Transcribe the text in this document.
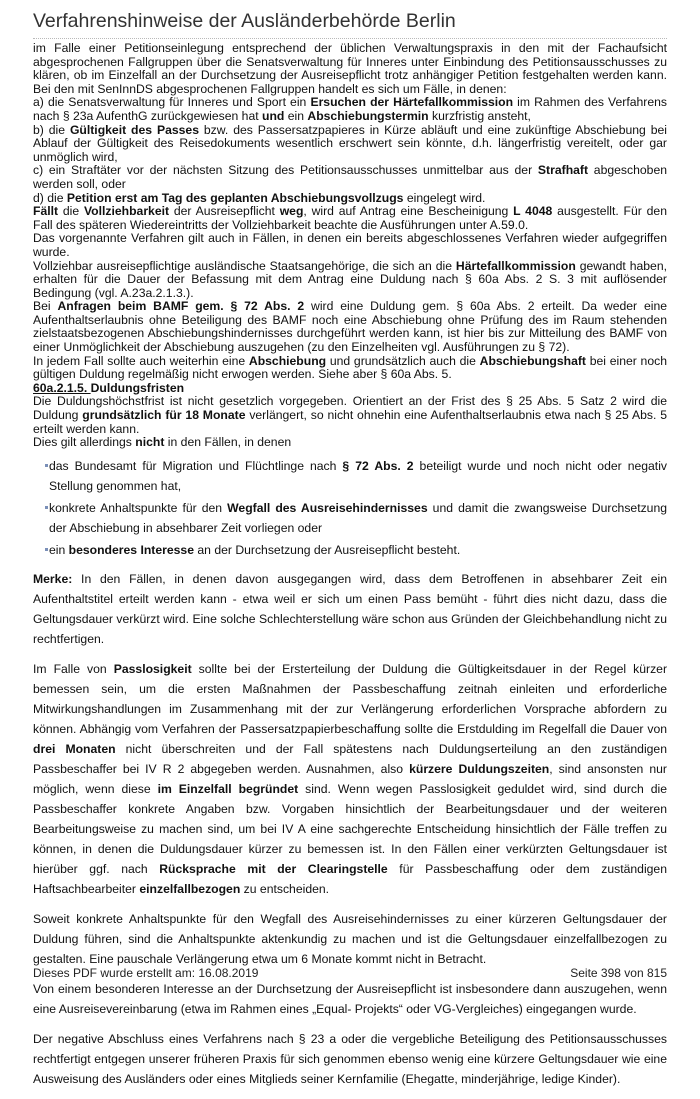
Verfahrenshinweise der Ausländerbehörde Berlin

im Falle einer Petitionseinlegung entsprechend der üblichen Verwaltungspraxis in den mit der Fachaufsicht abgesprochenen Fallgruppen über die Senatsverwaltung für Inneres unter Einbindung des Petitionsausschusses zu klären, ob im Einzelfall an der Durchsetzung der Ausreisepflicht trotz anhängiger Petition festgehalten werden kann. Bei den mit SenInnDS abgesprochenen Fallgruppen handelt es sich um Fälle, in denen:

a) die Senatsverwaltung für Inneres und Sport ein Ersuchen der Härtefallkommission im Rahmen des Verfahrens nach § 23a AufenthG zurückgewiesen hat und ein Abschiebungstermin kurzfristig ansteht,

b) die Gültigkeit des Passes bzw. des Passersatzpapieres in Kürze abläuft und eine zukünftige Abschiebung bei Ablauf der Gültigkeit des Reisedokuments wesentlich erschwert sein könnte, d.h. längerfristig vereitelt, oder gar unmöglich wird,

c) ein Straftäter vor der nächsten Sitzung des Petitionsausschusses unmittelbar aus der Strafhaft abgeschoben werden soll, oder

d) die Petition erst am Tag des geplanten Abschiebungsvollzugs eingelegt wird.

Fällt die Vollziehbarkeit der Ausreisepflicht weg, wird auf Antrag eine Bescheinigung L 4048 ausgestellt. Für den Fall des späteren Wiedereintritts der Vollziehbarkeit beachte die Ausführungen unter A.59.0.

Das vorgenannte Verfahren gilt auch in Fällen, in denen ein bereits abgeschlossenes Verfahren wieder aufgegriffen wurde.

Vollziehbar ausreisepflichtige ausländische Staatsangehörige, die sich an die Härtefallkommission gewandt haben, erhalten für die Dauer der Befassung mit dem Antrag eine Duldung nach § 60a Abs. 2 S. 3 mit auflösender Bedingung (vgl. A.23a.2.1.3.).

Bei Anfragen beim BAMF gem. § 72 Abs. 2 wird eine Duldung gem. § 60a Abs. 2 erteilt. Da weder eine Aufenthaltserlaubnis ohne Beteiligung des BAMF noch eine Abschiebung ohne Prüfung des im Raum stehenden zielstaatsbezogenen Abschiebungshindernisses durchgeführt werden kann, ist hier bis zur Mitteilung des BAMF von einer Unmöglichkeit der Abschiebung auszugehen (zu den Einzelheiten vgl. Ausführungen zu § 72).

In jedem Fall sollte auch weiterhin eine Abschiebung und grundsätzlich auch die Abschiebungshaft bei einer noch gültigen Duldung regelmäßig nicht erwogen werden. Siehe aber § 60a Abs. 5.

60a.2.1.5. Duldungsfristen

Die Duldungshöchstfrist ist nicht gesetzlich vorgegeben. Orientiert an der Frist des § 25 Abs. 5 Satz 2 wird die Duldung grundsätzlich für 18 Monate verlängert, so nicht ohnehin eine Aufenthaltserlaubnis etwa nach § 25 Abs. 5 erteilt werden kann.

Dies gilt allerdings nicht in den Fällen, in denen

das Bundesamt für Migration und Flüchtlinge nach § 72 Abs. 2 beteiligt wurde und noch nicht oder negativ Stellung genommen hat,
konkrete Anhaltspunkte für den Wegfall des Ausreisehindernisses und damit die zwangsweise Durchsetzung der Abschiebung in absehbarer Zeit vorliegen oder
ein besonderes Interesse an der Durchsetzung der Ausreisepflicht besteht.

Merke: In den Fällen, in denen davon ausgegangen wird, dass dem Betroffenen in absehbarer Zeit ein Aufenthaltstitel erteilt werden kann - etwa weil er sich um einen Pass bemüht - führt dies nicht dazu, dass die Geltungsdauer verkürzt wird. Eine solche Schlechterstellung wäre schon aus Gründen der Gleichbehandlung nicht zu rechtfertigen.

Im Falle von Passlosigkeit sollte bei der Ersterteilung der Duldung die Gültigkeitsdauer in der Regel kürzer bemessen sein, um die ersten Maßnahmen der Passbeschaffung zeitnah einleiten und erforderliche Mitwirkungshandlungen im Zusammenhang mit der zur Verlängerung erforderlichen Vorsprache abfordern zu können. Abhängig vom Verfahren der Passersatzpapierbeschaffung sollte die Erstdulding im Regelfall die Dauer von drei Monaten nicht überschreiten und der Fall spätestens nach Duldungserteilung an den zuständigen Passbeschaffer bei IV R 2 abgegeben werden. Ausnahmen, also kürzere Duldungszeiten, sind ansonsten nur möglich, wenn diese im Einzelfall begründet sind. Wenn wegen Passlosigkeit geduldet wird, sind durch die Passbeschaffer konkrete Angaben bzw. Vorgaben hinsichtlich der Bearbeitungsdauer und der weiteren Bearbeitungsweise zu machen sind, um bei IV A eine sachgerechte Entscheidung hinsichtlich der Fälle treffen zu können, in denen die Duldungsdauer kürzer zu bemessen ist. In den Fällen einer verkürzten Geltungsdauer ist hierüber ggf. nach Rücksprache mit der Clearingstelle für Passbeschaffung oder dem zuständigen Haftsachbearbeiter einzelfallbezogen zu entscheiden.

Soweit konkrete Anhaltspunkte für den Wegfall des Ausreisehindernisses zu einer kürzeren Geltungsdauer der Duldung führen, sind die Anhaltspunkte aktenkundig zu machen und ist die Geltungsdauer einzelfallbezogen zu gestalten. Eine pauschale Verlängerung etwa um 6 Monate kommt nicht in Betracht.

Von einem besonderen Interesse an der Durchsetzung der Ausreisepflicht ist insbesondere dann auszugehen, wenn eine Ausreisevereinbarung (etwa im Rahmen eines „Equal- Projekts“ oder VG-Vergleiches) eingegangen wurde.

Der negative Abschluss eines Verfahrens nach § 23 a oder die vergebliche Beteiligung des Petitionsausschusses rechtfertigt entgegen unserer früheren Praxis für sich genommen ebenso wenig eine kürzere Geltungsdauer wie eine Ausweisung des Ausländers oder eines Mitglieds seiner Kernfamilie (Ehegatte, minderjährige, ledige Kinder).

Dieses PDF wurde erstellt am: 16.08.2019	Seite 398 von 815
